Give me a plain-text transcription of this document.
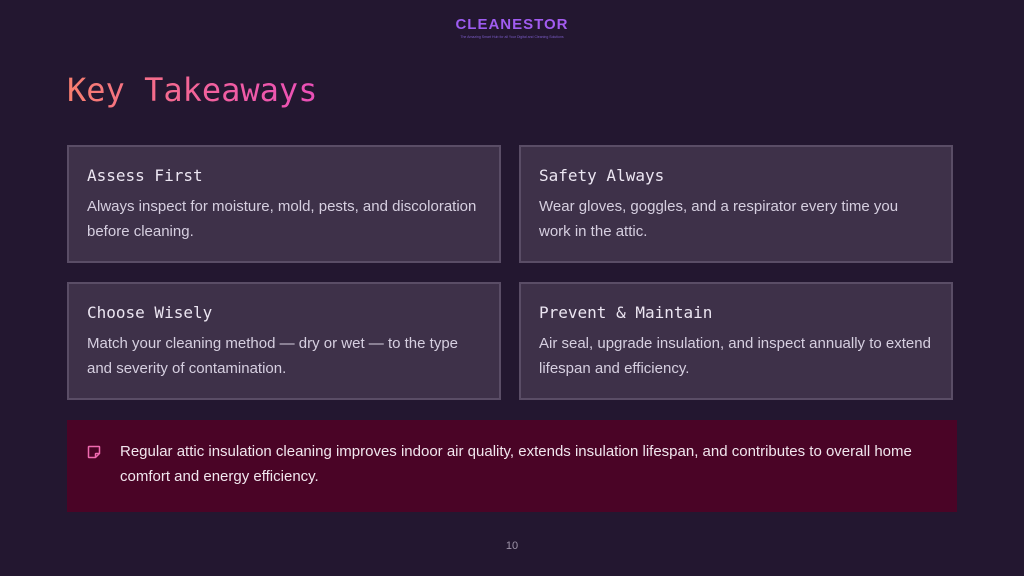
CLEANESTOR
The Amazing Smart Hub for all Your Digital and Cleaning Solutions
Key Takeaways
Assess First

Always inspect for moisture, mold, pests, and discoloration before cleaning.

Safety Always

Wear gloves, goggles, and a respirator every time you work in the attic.

Choose Wisely

Match your cleaning method — dry or wet — to the type and severity of contamination.

Prevent & Maintain

Air seal, upgrade insulation, and inspect annually to extend lifespan and efficiency.

Regular attic insulation cleaning improves indoor air quality, extends insulation lifespan, and contributes to overall home comfort and energy efficiency.

10
